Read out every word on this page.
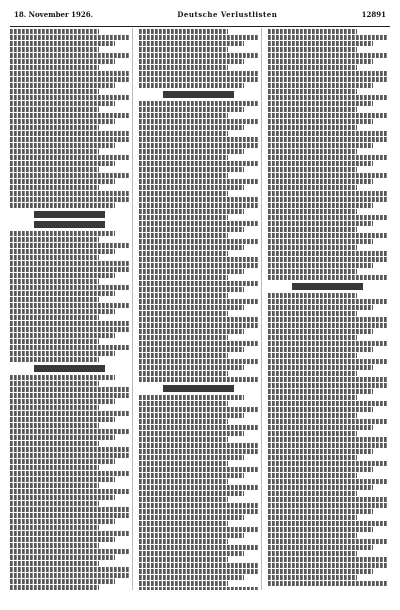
18. November 1926.	Deutsche Verlustlisten	12891
